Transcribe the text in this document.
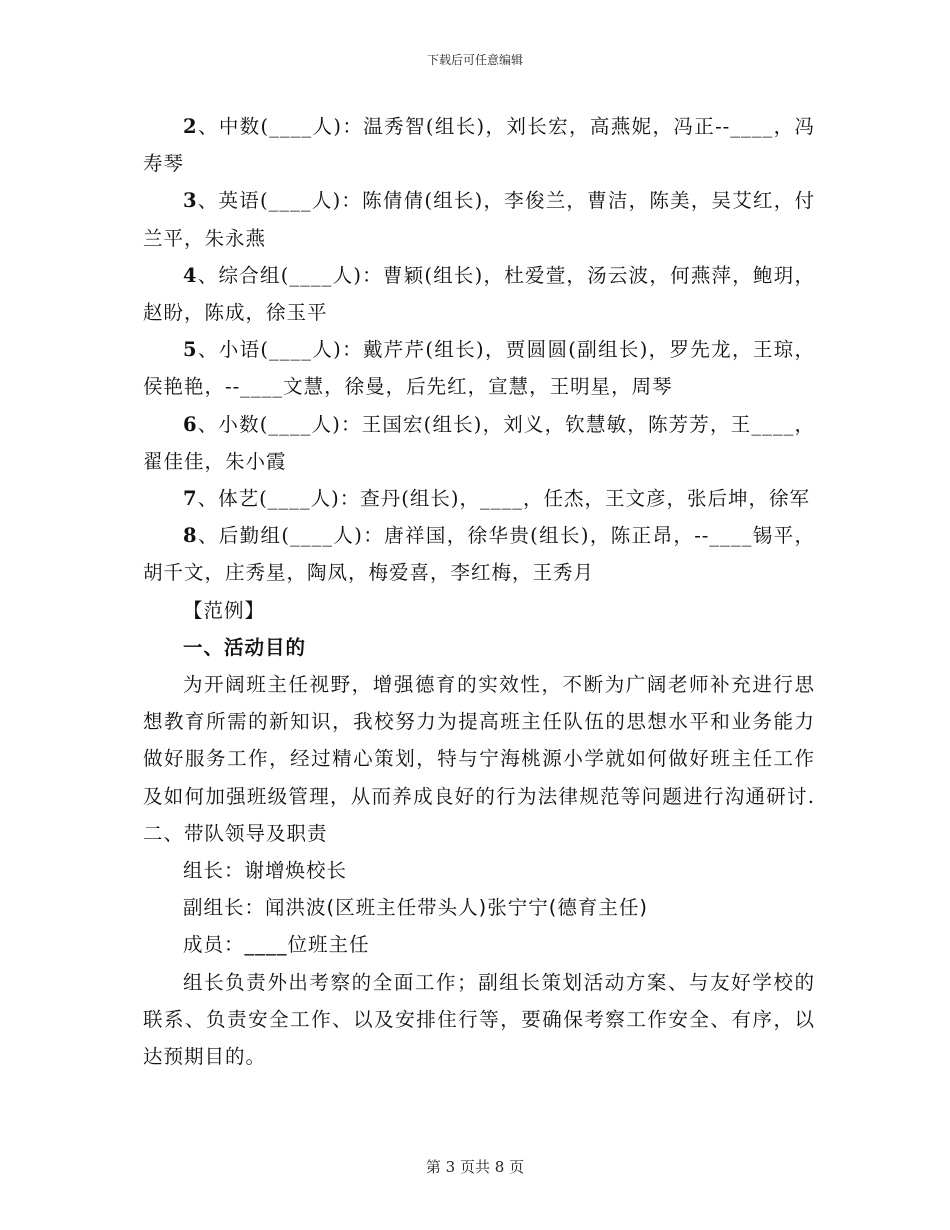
下载后可任意编辑

2、中数(____人)：温秀智(组长)，刘长宏，高燕妮，冯正--____，冯寿琴

3、英语(____人)：陈倩倩(组长)，李俊兰，曹洁，陈美，吴艾红，付兰平，朱永燕

4、综合组(____人)：曹颖(组长)，杜爱萱，汤云波，何燕萍，鲍玥，赵盼，陈成，徐玉平

5、小语(____人)：戴芹芹(组长)，贾圆圆(副组长)，罗先龙，王琼，侯艳艳，--____文慧，徐曼，后先红，宣慧，王明星，周琴

6、小数(____人)：王国宏(组长)，刘义，钦慧敏，陈芳芳，王____，翟佳佳，朱小霞

7、体艺(____人)：查丹(组长)，____，任杰，王文彦，张后坤，徐军

8、后勤组(____人)：唐祥国，徐华贵(组长)，陈正昂，--____锡平，胡千文，庄秀星，陶凤，梅爱喜，李红梅，王秀月

【范例】

一、活动目的

为开阔班主任视野，增强德育的实效性，不断为广阔老师补充进行思想教育所需的新知识，我校努力为提高班主任队伍的思想水平和业务能力做好服务工作，经过精心策划，特与宁海桃源小学就如何做好班主任工作及如何加强班级管理，从而养成良好的行为法律规范等问题进行沟通研讨.二、带队领导及职责

组长：谢增焕校长

副组长：闻洪波(区班主任带头人)张宁宁(德育主任)

成员：____位班主任

组长负责外出考察的全面工作；副组长策划活动方案、与友好学校的联系、负责安全工作、以及安排住行等，要确保考察工作安全、有序，以达预期目的。

第 3 页共 8 页
